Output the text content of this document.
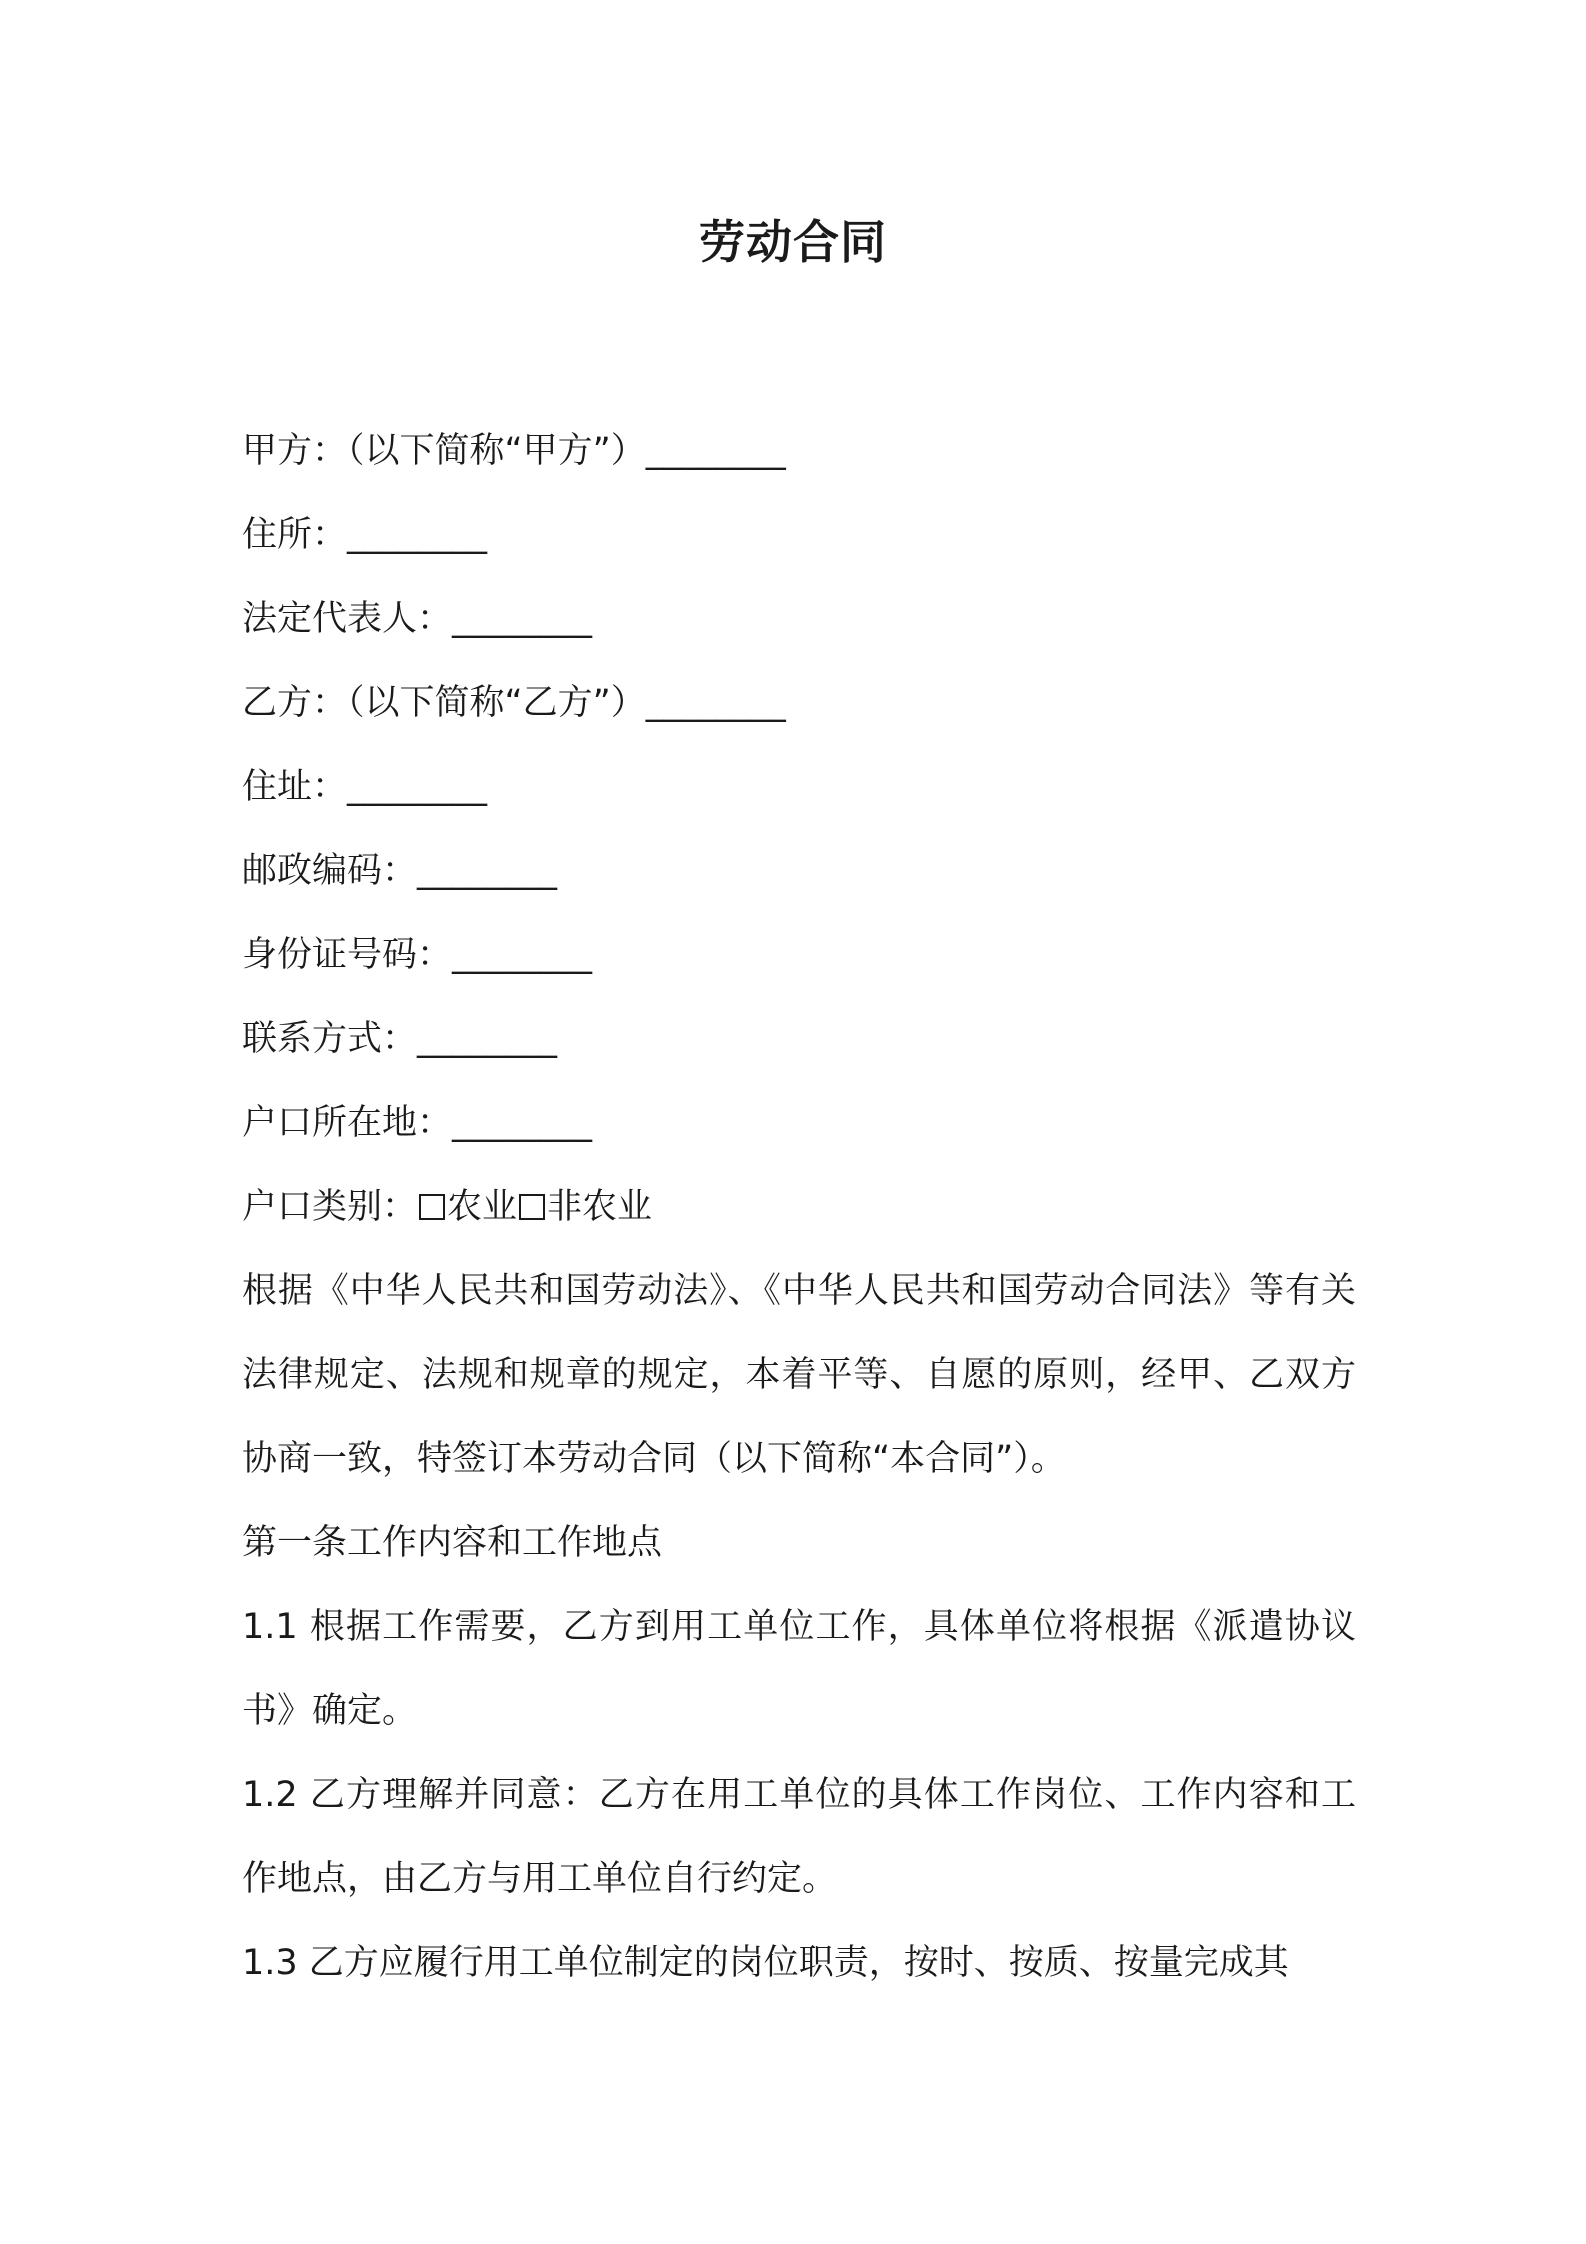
劳动合同

甲方：（以下简称“甲方”）________

住所：________

法定代表人：________

乙方：（以下简称“乙方”）________

住址：________

邮政编码：________

身份证号码：________

联系方式：________

户口所在地：________

户口类别： 农业 非农业

根据《中华人民共和国劳动法》、《中华人民共和国劳动合同法》等有关法律规定、法规和规章的规定，本着平等、自愿的原则，经甲、乙双方协商一致，特签订本劳动合同（以下简称“本合同”）。

第一条工作内容和工作地点

1.1 根据工作需要，乙方到用工单位工作，具体单位将根据《派遣协议书》确定。

1.2 乙方理解并同意：乙方在用工单位的具体工作岗位、工作内容和工作地点，由乙方与用工单位自行约定。

1.3 乙方应履行用工单位制定的岗位职责，按时、按质、按量完成其
